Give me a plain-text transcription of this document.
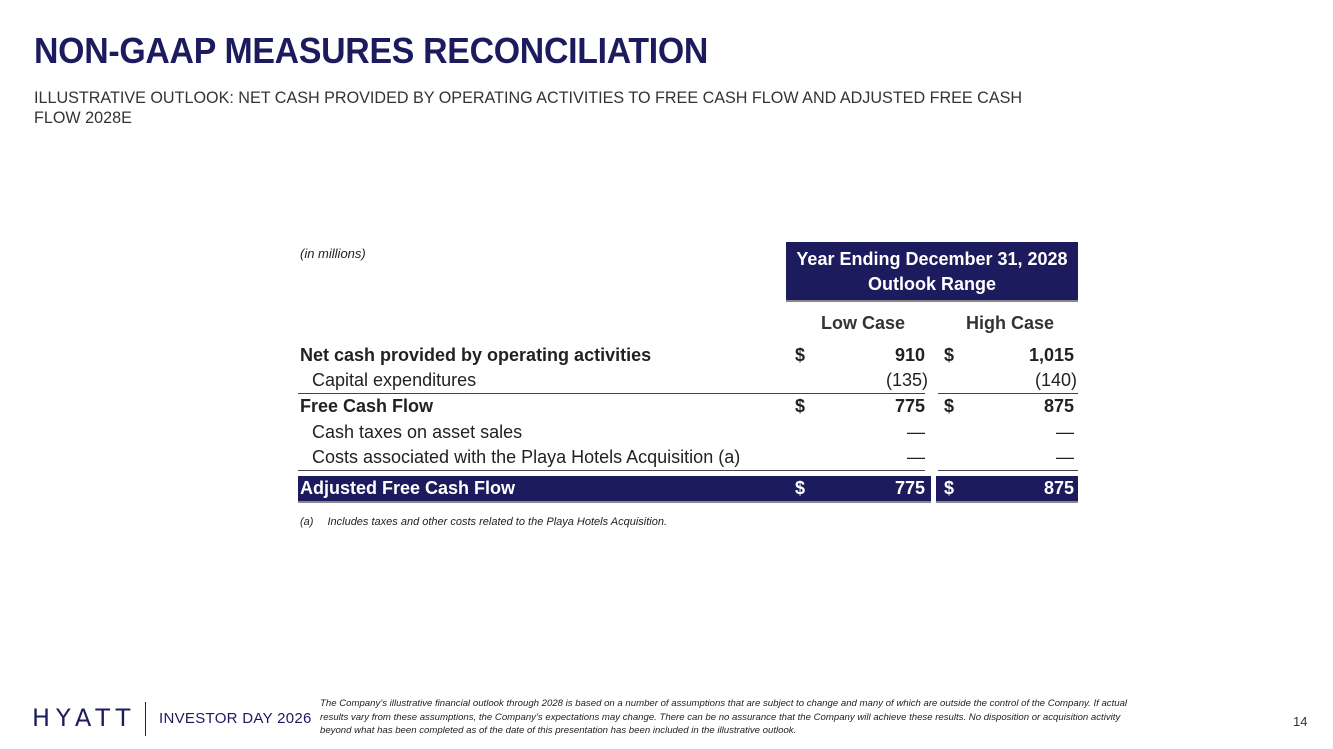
NON-GAAP MEASURES RECONCILIATION
ILLUSTRATIVE OUTLOOK: NET CASH PROVIDED BY OPERATING ACTIVITIES TO FREE CASH FLOW AND ADJUSTED FREE CASH FLOW 2028E
(in millions)	Year Ending December 31, 2028
Outlook Range
Low Case	High Case
Net cash provided by operating activities	$	910 $	1,015
Capital expenditures	(135)	(140)
Free Cash Flow	$	775 $	875
Cash taxes on asset sales	—	—
Costs associated with the Playa Hotels Acquisition (a)	—	—
Adjusted Free Cash Flow	$	775 $	875
(a) Includes taxes and other costs related to the Playa Hotels Acquisition.
HYATT INVESTOR DAY 2026
The Company’s illustrative financial outlook through 2028 is based on a number of assumptions that are subject to change and many of which are outside the control of the Company. If actual results vary from these assumptions, the Company’s expectations may change. There can be no assurance that the Company will achieve these results. No disposition or acquisition activity beyond what has been completed as of the date of this presentation has been included in the illustrative outlook.
14
